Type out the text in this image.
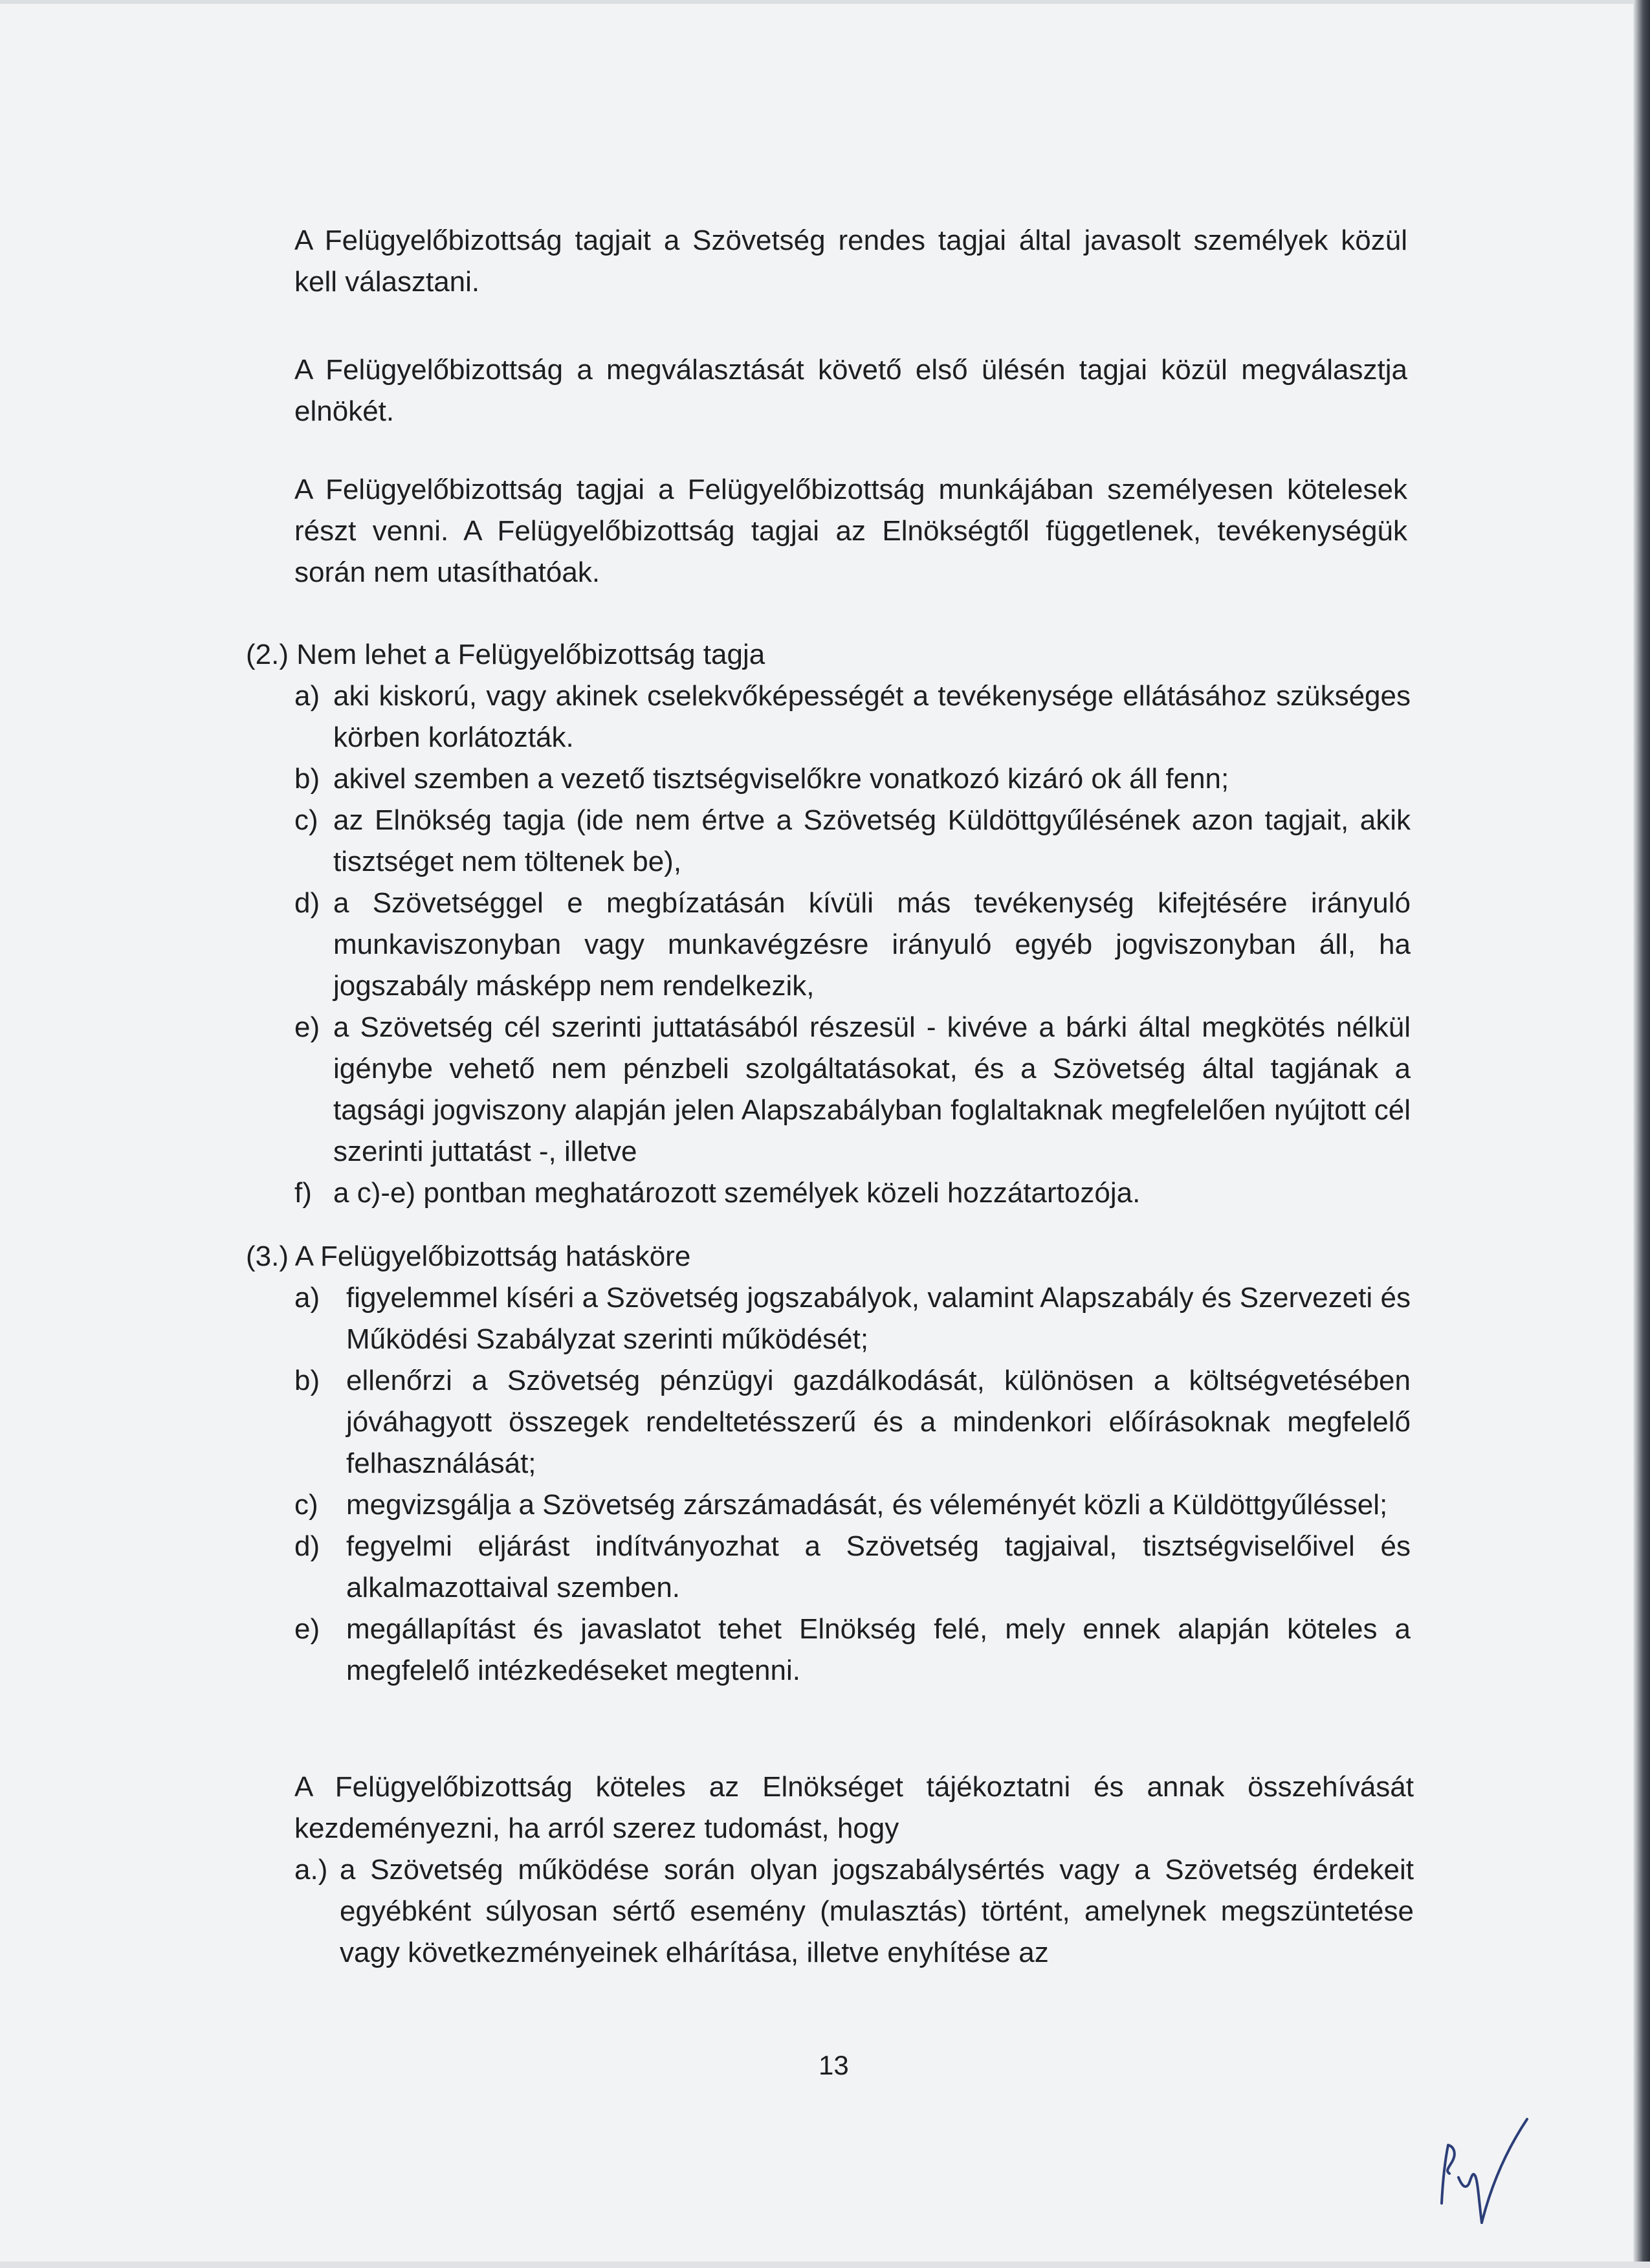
A Felügyelőbizottság tagjait a Szövetség rendes tagjai által javasolt személyek közül kell választani.
A Felügyelőbizottság a megválasztását követő első ülésén tagjai közül megválasztja elnökét.
A Felügyelőbizottság tagjai a Felügyelőbizottság munkájában személyesen kötelesek részt venni. A Felügyelőbizottság tagjai az Elnökségtől függetlenek, tevékenységük során nem utasíthatóak.
(2.) Nem lehet a Felügyelőbizottság tagja
a) aki kiskorú, vagy akinek cselekvőképességét a tevékenysége ellátásához szükséges körben korlátozták.
b) akivel szemben a vezető tisztségviselőkre vonatkozó kizáró ok áll fenn;
c) az Elnökség tagja (ide nem értve a Szövetség Küldöttgyűlésének azon tagjait, akik tisztséget nem töltenek be),
d) a Szövetséggel e megbízatásán kívüli más tevékenység kifejtésére irányuló munkaviszonyban vagy munkavégzésre irányuló egyéb jogviszonyban áll, ha jogszabály másképp nem rendelkezik,
e) a Szövetség cél szerinti juttatásából részesül - kivéve a bárki által megkötés nélkül igénybe vehető nem pénzbeli szolgáltatásokat, és a Szövetség által tagjának a tagsági jogviszony alapján jelen Alapszabályban foglaltaknak megfelelően nyújtott cél szerinti juttatást -, illetve
f) a c)-e) pontban meghatározott személyek közeli hozzátartozója.
(3.) A Felügyelőbizottság hatásköre
a) figyelemmel kíséri a Szövetség jogszabályok, valamint Alapszabály és Szervezeti és Működési Szabályzat szerinti működését;
b) ellenőrzi a Szövetség pénzügyi gazdálkodását, különösen a költségvetésében jóváhagyott összegek rendeltetésszerű és a mindenkori előírásoknak megfelelő felhasználását;
c) megvizsgálja a Szövetség zárszámadását, és véleményét közli a Küldöttgyűléssel;
d) fegyelmi eljárást indítványozhat a Szövetség tagjaival, tisztségviselőivel és alkalmazottaival szemben.
e) megállapítást és javaslatot tehet Elnökség felé, mely ennek alapján köteles a megfelelő intézkedéseket megtenni.
A Felügyelőbizottság köteles az Elnökséget tájékoztatni és annak összehívását kezdeményezni, ha arról szerez tudomást, hogy
a.) a Szövetség működése során olyan jogszabálysértés vagy a Szövetség érdekeit egyébként súlyosan sértő esemény (mulasztás) történt, amelynek megszüntetése vagy következményeinek elhárítása, illetve enyhítése az
13
